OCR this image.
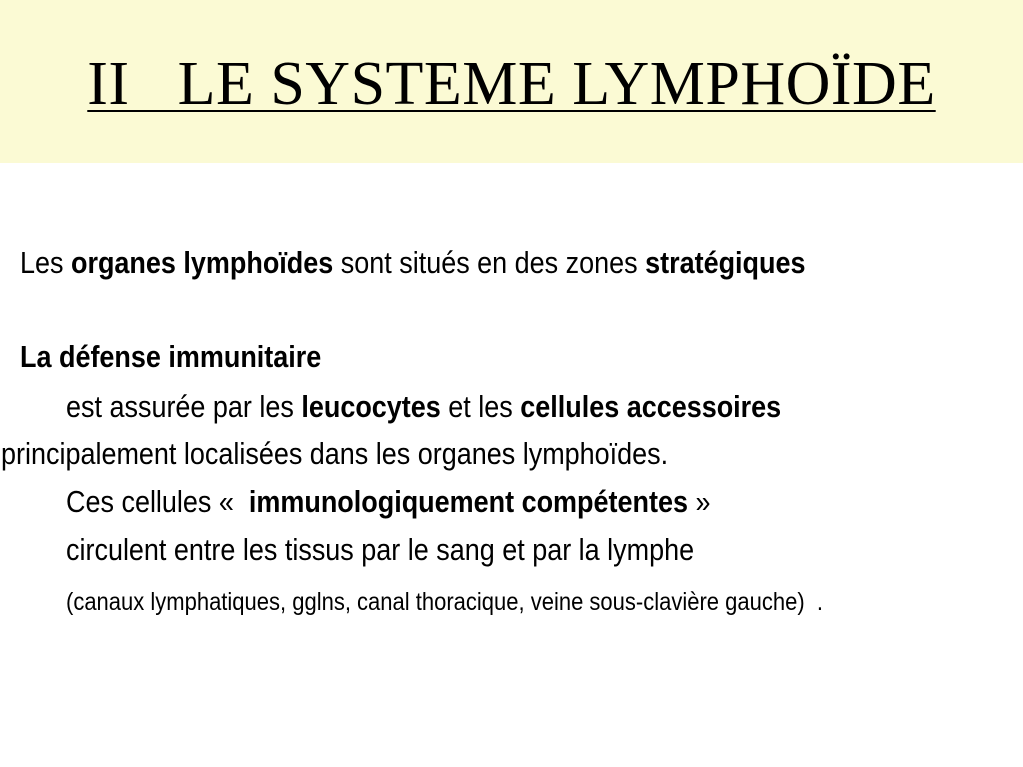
II   LE SYSTEME LYMPHOÏDE
Les organes lymphoïdes sont situés en des zones stratégiques
La défense immunitaire
est assurée par les leucocytes et les cellules accessoires
principalement localisées dans les organes lymphoïdes.
Ces cellules «  immunologiquement compétentes »
circulent entre les tissus par le sang et par la lymphe
(canaux lymphatiques, gglns, canal thoracique, veine sous-clavière gauche)  .
